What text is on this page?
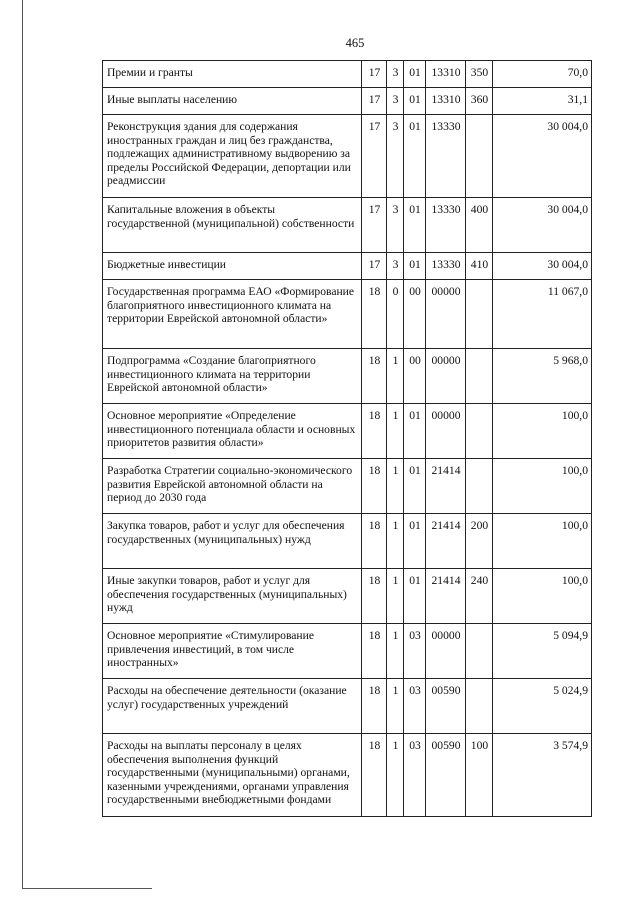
465
Премии и гранты	17	3	01	13310	350	70,0
Иные выплаты населению	17	3	01	13310	360	31,1
Реконструкция здания для содержания иностранных граждан и лиц без гражданства, подлежащих административному выдворению за пределы Российской Федерации, депортации или реадмиссии	17	3	01	13330		30 004,0
Капитальные вложения в объекты государственной (муниципальной) собственности	17	3	01	13330	400	30 004,0
Бюджетные инвестиции	17	3	01	13330	410	30 004,0
Государственная программа ЕАО «Формирование благоприятного инвестиционного климата на территории Еврейской автономной области»	18	0	00	00000		11 067,0
Подпрограмма «Создание благоприятного инвестиционного климата на территории Еврейской автономной области»	18	1	00	00000		5 968,0
Основное мероприятие «Определение инвестиционного потенциала области и основных приоритетов развития области»	18	1	01	00000		100,0
Разработка Стратегии социально-экономического развития Еврейской автономной области на период до 2030 года	18	1	01	21414		100,0
Закупка товаров, работ и услуг для обеспечения государственных (муниципальных) нужд	18	1	01	21414	200	100,0
Иные закупки товаров, работ и услуг для обеспечения государственных (муниципальных) нужд	18	1	01	21414	240	100,0
Основное мероприятие «Стимулирование привлечения инвестиций, в том числе иностранных»	18	1	03	00000		5 094,9
Расходы на обеспечение деятельности (оказание услуг) государственных учреждений	18	1	03	00590		5 024,9
Расходы на выплаты персоналу в целях обеспечения выполнения функций государственными (муниципальными) органами, казенными учреждениями, органами управления государственными внебюджетными фондами	18	1	03	00590	100	3 574,9
